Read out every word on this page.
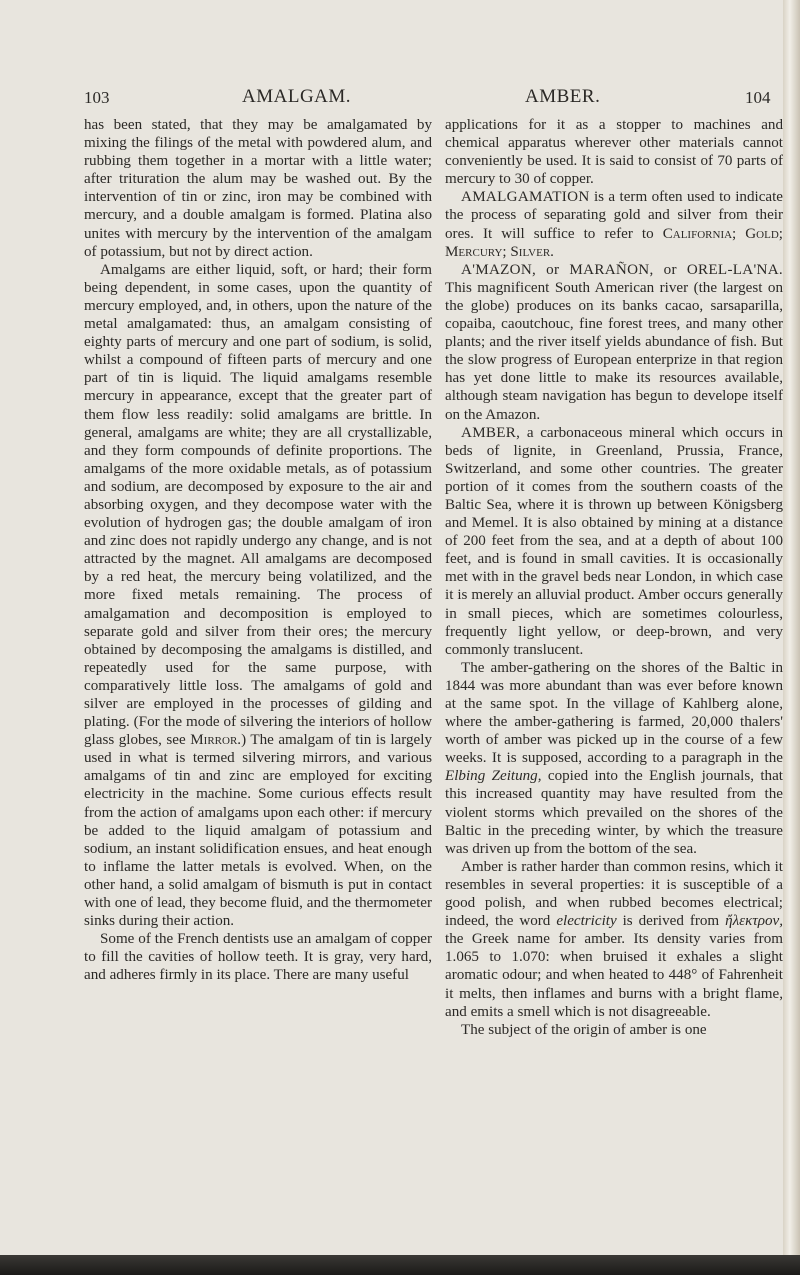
103	AMALGAM.	AMBER.	104

has been stated, that they may be amalgamated by mixing the filings of the metal with powdered alum, and rubbing them together in a mortar with a little water; after trituration the alum may be washed out. By the intervention of tin or zinc, iron may be combined with mercury, and a double amalgam is formed. Platina also unites with mercury by the intervention of the amalgam of potassium, but not by direct action.

Amalgams are either liquid, soft, or hard; their form being dependent, in some cases, upon the quantity of mercury employed, and, in others, upon the nature of the metal amalgamated: thus, an amalgam consisting of eighty parts of mercury and one part of sodium, is solid, whilst a compound of fifteen parts of mercury and one part of tin is liquid. The liquid amalgams resemble mercury in appearance, except that the greater part of them flow less readily: solid amalgams are brittle. In general, amalgams are white; they are all crystallizable, and they form compounds of definite proportions. The amalgams of the more oxidable metals, as of potassium and sodium, are decomposed by exposure to the air and absorbing oxygen, and they decompose water with the evolution of hydrogen gas; the double amalgam of iron and zinc does not rapidly undergo any change, and is not attracted by the magnet. All amalgams are decomposed by a red heat, the mercury being volatilized, and the more fixed metals remaining. The process of amalgamation and decomposition is employed to separate gold and silver from their ores; the mercury obtained by decomposing the amalgams is distilled, and repeatedly used for the same purpose, with comparatively little loss. The amalgams of gold and silver are employed in the processes of gilding and plating. (For the mode of silvering the interiors of hollow glass globes, see Mirror.) The amalgam of tin is largely used in what is termed silvering mirrors, and various amalgams of tin and zinc are employed for exciting electricity in the machine. Some curious effects result from the action of amalgams upon each other: if mercury be added to the liquid amalgam of potassium and sodium, an instant solidification ensues, and heat enough to inflame the latter metals is evolved. When, on the other hand, a solid amalgam of bismuth is put in contact with one of lead, they become fluid, and the thermometer sinks during their action.

Some of the French dentists use an amalgam of copper to fill the cavities of hollow teeth. It is gray, very hard, and adheres firmly in its place. There are many useful

applications for it as a stopper to machines and chemical apparatus wherever other materials cannot conveniently be used. It is said to consist of 70 parts of mercury to 30 of copper.

AMALGAMATION is a term often used to indicate the process of separating gold and silver from their ores. It will suffice to refer to California; Gold; Mercury; Silver.

A'MAZON, or MARAÑON, or OREL-LA'NA. This magnificent South American river (the largest on the globe) produces on its banks cacao, sarsaparilla, copaiba, caoutchouc, fine forest trees, and many other plants; and the river itself yields abundance of fish. But the slow progress of European enterprize in that region has yet done little to make its resources available, although steam navigation has begun to develope itself on the Amazon.

AMBER, a carbonaceous mineral which occurs in beds of lignite, in Greenland, Prussia, France, Switzerland, and some other countries. The greater portion of it comes from the southern coasts of the Baltic Sea, where it is thrown up between Königsberg and Memel. It is also obtained by mining at a distance of 200 feet from the sea, and at a depth of about 100 feet, and is found in small cavities. It is occasionally met with in the gravel beds near London, in which case it is merely an alluvial product. Amber occurs generally in small pieces, which are sometimes colourless, frequently light yellow, or deep-brown, and very commonly translucent.

The amber-gathering on the shores of the Baltic in 1844 was more abundant than was ever before known at the same spot. In the village of Kahlberg alone, where the amber-gathering is farmed, 20,000 thalers' worth of amber was picked up in the course of a few weeks. It is supposed, according to a paragraph in the Elbing Zeitung, copied into the English journals, that this increased quantity may have resulted from the violent storms which prevailed on the shores of the Baltic in the preceding winter, by which the treasure was driven up from the bottom of the sea.

Amber is rather harder than common resins, which it resembles in several properties: it is susceptible of a good polish, and when rubbed becomes electrical; indeed, the word electricity is derived from ἤλεκτρον, the Greek name for amber. Its density varies from 1.065 to 1.070: when bruised it exhales a slight aromatic odour; and when heated to 448° of Fahrenheit it melts, then inflames and burns with a bright flame, and emits a smell which is not disagreeable.

The subject of the origin of amber is one
